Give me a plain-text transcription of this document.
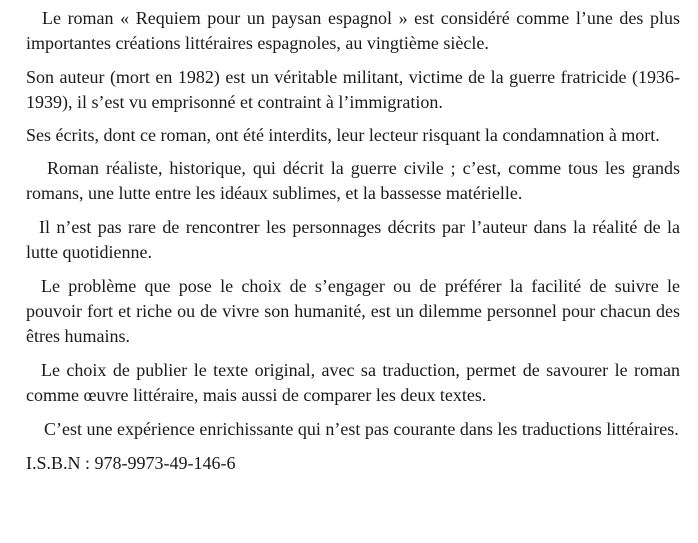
Le roman « Requiem pour un paysan espagnol » est considéré comme l’une des plus importantes créations littéraires espagnoles, au vingtième siècle.

Son auteur (mort en 1982) est un véritable militant, victime de la guerre fratricide (1936-1939), il s’est vu emprisonné et contraint à l’immigration.

Ses écrits, dont ce roman, ont été interdits, leur lecteur risquant la condamnation à mort.

Roman réaliste, historique, qui décrit la guerre civile ; c’est, comme tous les grands romans, une lutte entre les idéaux sublimes, et la bassesse matérielle.

Il n’est pas rare de rencontrer les personnages décrits par l’auteur dans la réalité de la lutte quotidienne.

Le problème que pose le choix de s’engager ou de préférer la facilité de suivre le pouvoir fort et riche ou de vivre son humanité, est un dilemme personnel pour chacun des êtres humains.

Le choix de publier le texte original, avec sa traduction, permet de savourer le roman comme œuvre littéraire, mais aussi de comparer les deux textes.

C’est une expérience enrichissante qui n’est pas courante dans les traductions littéraires.

I.S.B.N : 978-9973-49-146-6
